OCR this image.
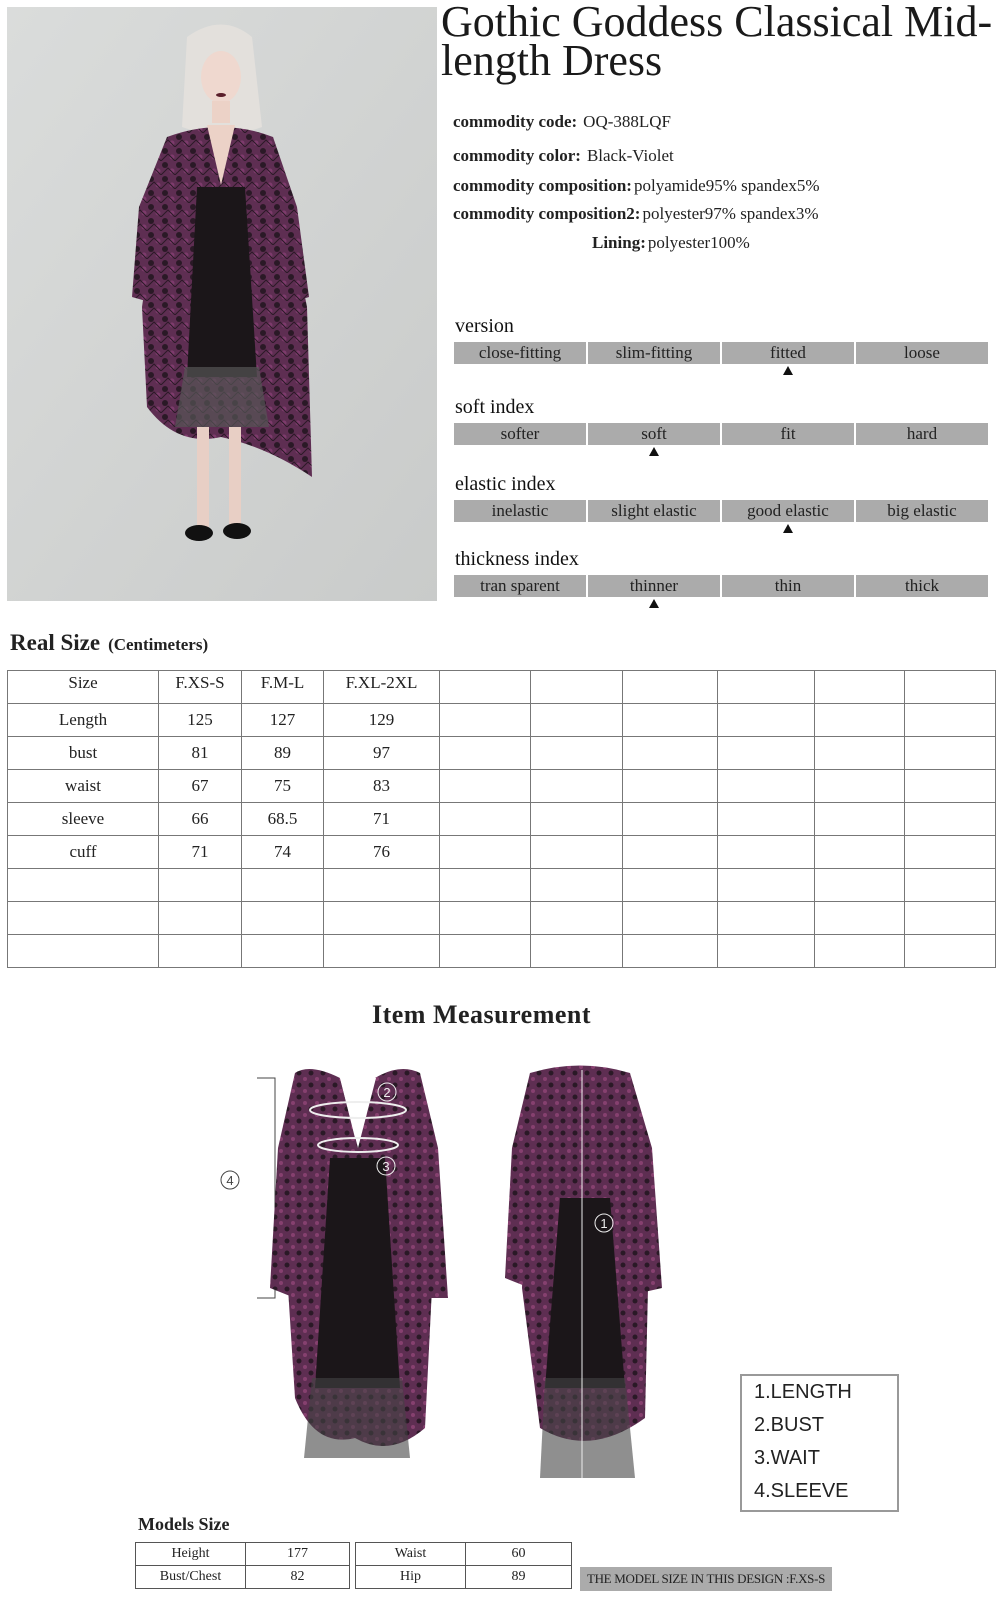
Gothic Goddess Classical Mid-length Dress
commodity code: OQ-388LQF
commodity color: Black-Violet
commodity composition: polyamide95% spandex5%
commodity composition2: polyester97% spandex3%
Lining: polyester100%
version
close-fitting	slim-fitting	fitted	loose
soft index
softer	soft	fit	hard
elastic index
inelastic	slight elastic	good elastic	big elastic
thickness index
tran sparent	thinner	thin	thick
Real Size (Centimeters)
Size	F.XS-S	F.M-L	F.XL-2XL						
Length	125	127	129						
bust	81	89	97						
waist	67	75	83						
sleeve	66	68.5	71						
cuff	71	74	76						

Item Measurement
4
2
3
1
1.LENGTH
2.BUST
3.WAIT
4.SLEEVE
Models Size
Height	177
Bust/Chest	82
Waist	60
Hip	89	THE MODEL SIZE IN THIS DESIGN :F.XS-S
